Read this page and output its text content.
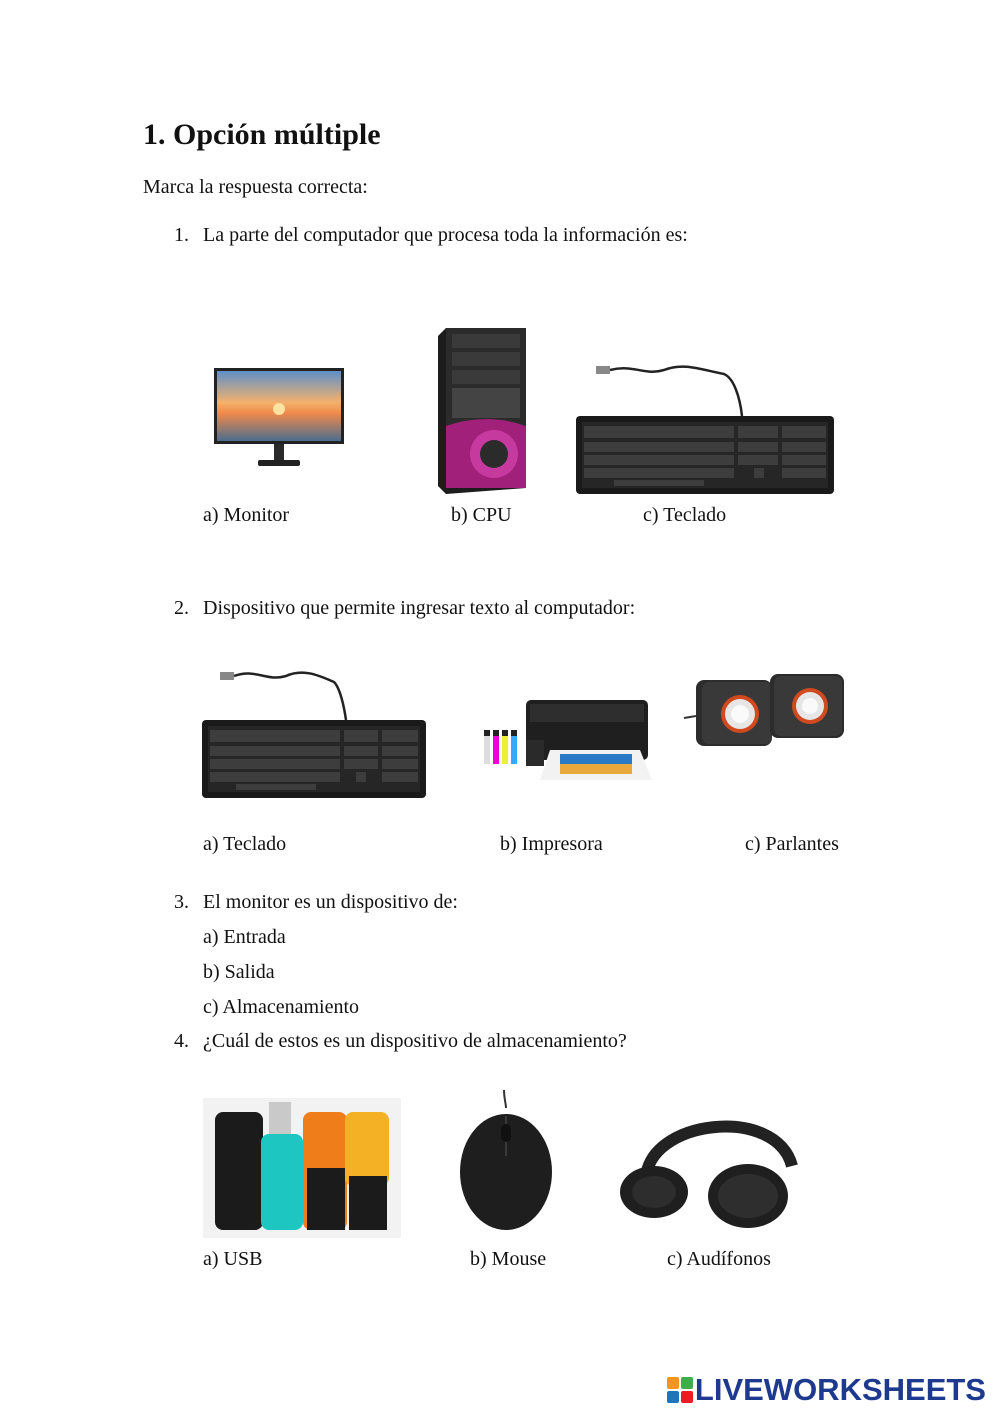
1. Opción múltiple
Marca la respuesta correcta:
1. La parte del computador que procesa toda la información es:
a) Monitor	b) CPU	c) Teclado
2. Dispositivo que permite ingresar texto al computador:
a) Teclado	b) Impresora	c) Parlantes
3. El monitor es un dispositivo de:
a) Entrada
b) Salida
c) Almacenamiento
4. ¿Cuál de estos es un dispositivo de almacenamiento?
a) USB	b) Mouse	c) Audífonos
LIVEWORKSHEETS
